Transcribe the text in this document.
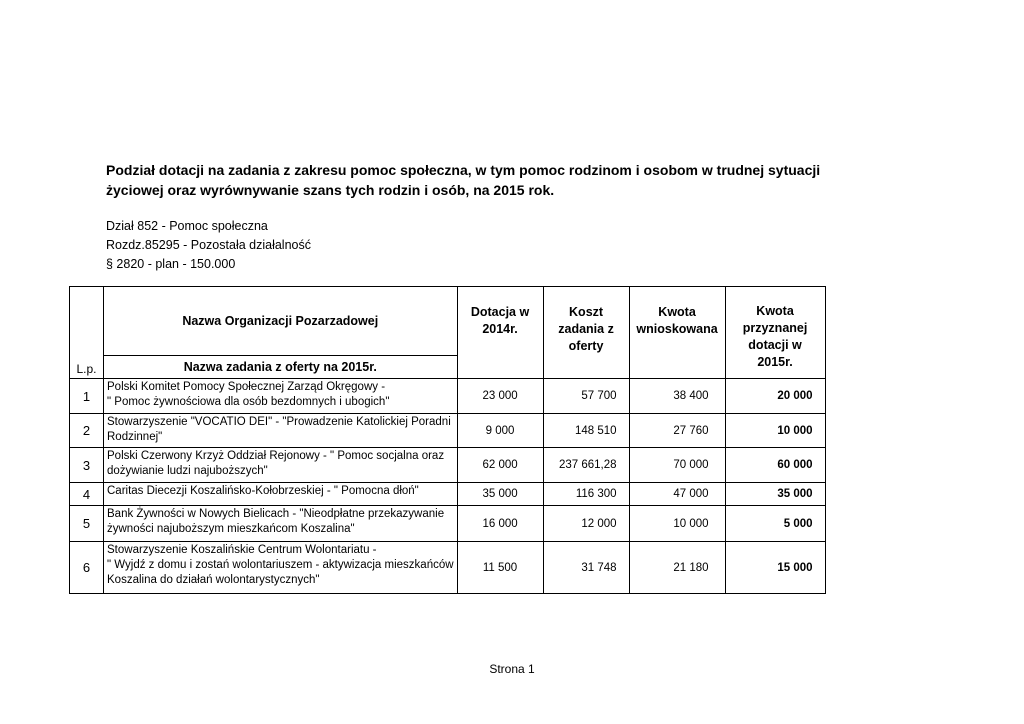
Podział dotacji na zadania z zakresu pomoc społeczna, w tym pomoc rodzinom i osobom w trudnej sytuacji
życiowej oraz wyrównywanie szans tych rodzin i osób, na 2015 rok.
Dział 852 - Pomoc społeczna
Rozdz.85295 - Pozostała działalność
§ 2820 - plan - 150.000
L.p.	Nazwa Organizacji Pozarzadowej	Dotacja w 2014r.	Koszt zadania z oferty	Kwota wnioskowana	Kwota przyznanej dotacji w 2015r.
	Nazwa zadania z oferty na 2015r.				
1	Polski Komitet Pomocy Społecznej Zarząd Okręgowy -
" Pomoc żywnościowa dla osób bezdomnych i ubogich"	23 000	57 700	38 400	20 000
2	Stowarzyszenie "VOCATIO DEI" - "Prowadzenie Katolickiej Poradni
Rodzinnej"	9 000	148 510	27 760	10 000
3	Polski Czerwony Krzyż Oddział Rejonowy - " Pomoc socjalna oraz
dożywianie ludzi najuboższych"	62 000	237 661,28	70 000	60 000
4	Caritas Diecezji Koszalińsko-Kołobrzeskiej - " Pomocna dłoń"	35 000	116 300	47 000	35 000
5	Bank Żywności w Nowych Bielicach - "Nieodpłatne przekazywanie
żywności najuboższym mieszkańcom Koszalina"	16 000	12 000	10 000	5 000
6	Stowarzyszenie Koszalińskie Centrum Wolontariatu -
" Wyjdź z domu i zostań wolontariuszem - aktywizacja mieszkańców
Koszalina do działań wolontarystycznych"	11 500	31 748	21 180	15 000
Strona 1
